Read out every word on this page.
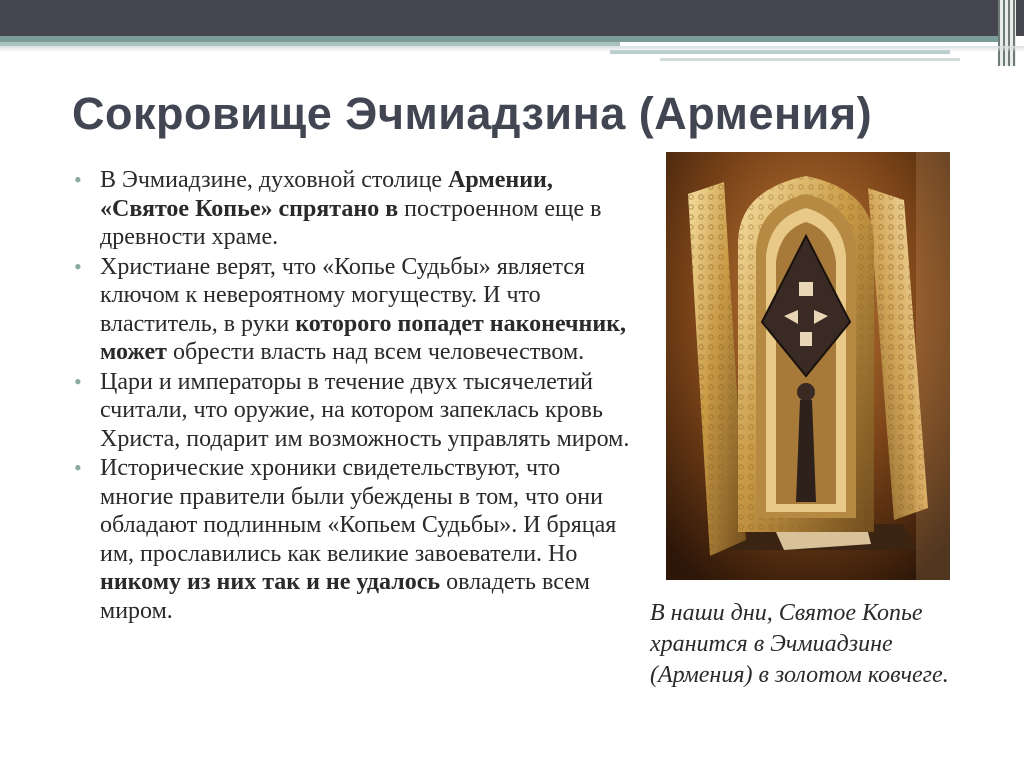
Сокровище Эчмиадзина (Армения)
• В Эчмиадзине, духовной столице Армении, «Святое Копье» спрятано в построенном еще в древности храме.
• Христиане верят, что «Копье Судьбы» является ключом к невероятному могуществу. И что властитель, в руки которого попадет наконечник, может обрести власть над всем человечеством.
• Цари и императоры в течение двух тысячелетий считали, что оружие, на котором запеклась кровь Христа, подарит им возможность управлять миром.
• Исторические хроники свидетельствуют, что многие правители были убеждены в том, что они обладают подлинным «Копьем Судьбы». И бряцая им, прославились как великие завоеватели. Но никому из них так и не удалось овладеть всем миром.	В наши дни, Святое Копье хранится в Эчмиадзине (Армения) в золотом ковчеге.
